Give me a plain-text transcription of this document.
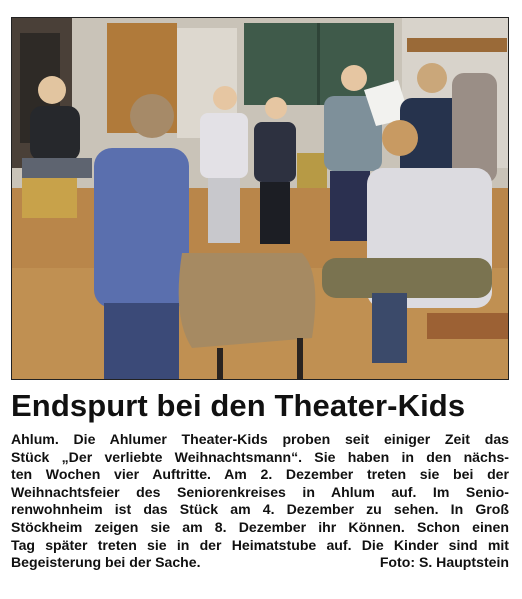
Endspurt bei den Theater-Kids
Ahlum. Die Ahlumer Theater-Kids proben seit einiger Zeit das
Stück „Der verliebte Weihnachtsmann“. Sie haben in den nächs-
ten Wochen vier Auftritte. Am 2. Dezember treten sie bei der
Weihnachtsfeier des Seniorenkreises in Ahlum auf. Im Senio-
renwohnheim ist das Stück am 4. Dezember zu sehen. In Groß
Stöckheim zeigen sie am 8. Dezember ihr Können. Schon einen
Tag später treten sie in der Heimatstube auf. Die Kinder sind mit
Begeisterung bei der Sache.	Foto: S. Hauptstein
